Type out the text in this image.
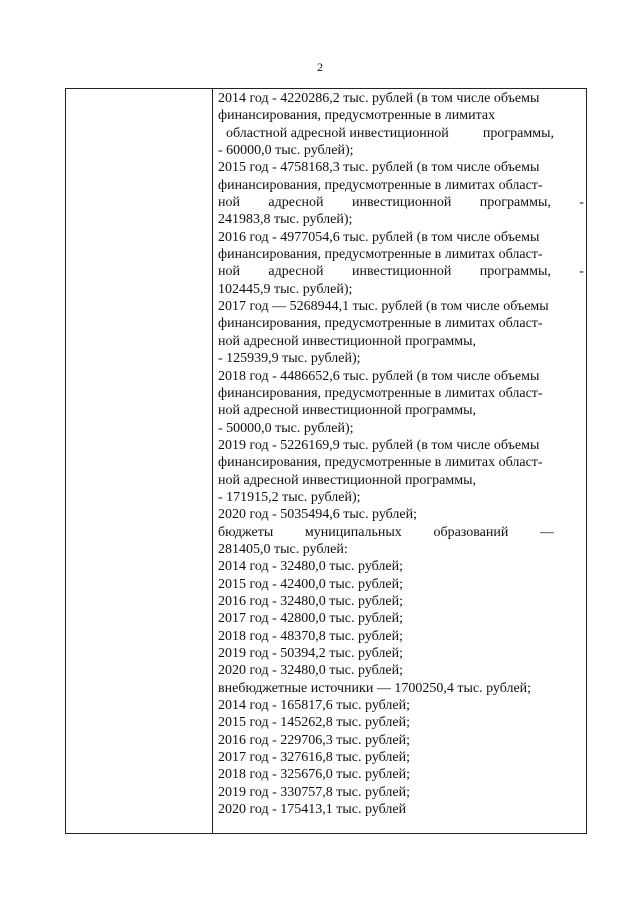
2
2014 год - 4220286,2 тыс. рублей (в том числе объемы
финансирования, предусмотренные в лимитах
областной адресной инвестиционной программы,
- 60000,0 тыс. рублей);
2015 год - 4758168,3 тыс. рублей (в том числе объемы
финансирования, предусмотренные в лимитах област-
ной адресной инвестиционной программы, -
241983,8 тыс. рублей);
2016 год - 4977054,6 тыс. рублей (в том числе объемы
финансирования, предусмотренные в лимитах област-
ной адресной инвестиционной программы, -
102445,9 тыс. рублей);
2017 год — 5268944,1 тыс. рублей (в том числе объемы
финансирования, предусмотренные в лимитах област-
ной адресной инвестиционной программы,
- 125939,9 тыс. рублей);
2018 год - 4486652,6 тыс. рублей (в том числе объемы
финансирования, предусмотренные в лимитах област-
ной адресной инвестиционной программы,
- 50000,0 тыс. рублей);
2019 год - 5226169,9 тыс. рублей (в том числе объемы
финансирования, предусмотренные в лимитах област-
ной адресной инвестиционной программы,
- 171915,2 тыс. рублей);
2020 год - 5035494,6 тыс. рублей;
бюджеты муниципальных образований —
281405,0 тыс. рублей:
2014 год - 32480,0 тыс. рублей;
2015 год - 42400,0 тыс. рублей;
2016 год - 32480,0 тыс. рублей;
2017 год - 42800,0 тыс. рублей;
2018 год - 48370,8 тыс. рублей;
2019 год - 50394,2 тыс. рублей;
2020 год - 32480,0 тыс. рублей;
внебюджетные источники — 1700250,4 тыс. рублей;
2014 год - 165817,6 тыс. рублей;
2015 год - 145262,8 тыс. рублей;
2016 год - 229706,3 тыс. рублей;
2017 год - 327616,8 тыс. рублей;
2018 год - 325676,0 тыс. рублей;
2019 год - 330757,8 тыс. рублей;
2020 год - 175413,1 тыс. рублей
